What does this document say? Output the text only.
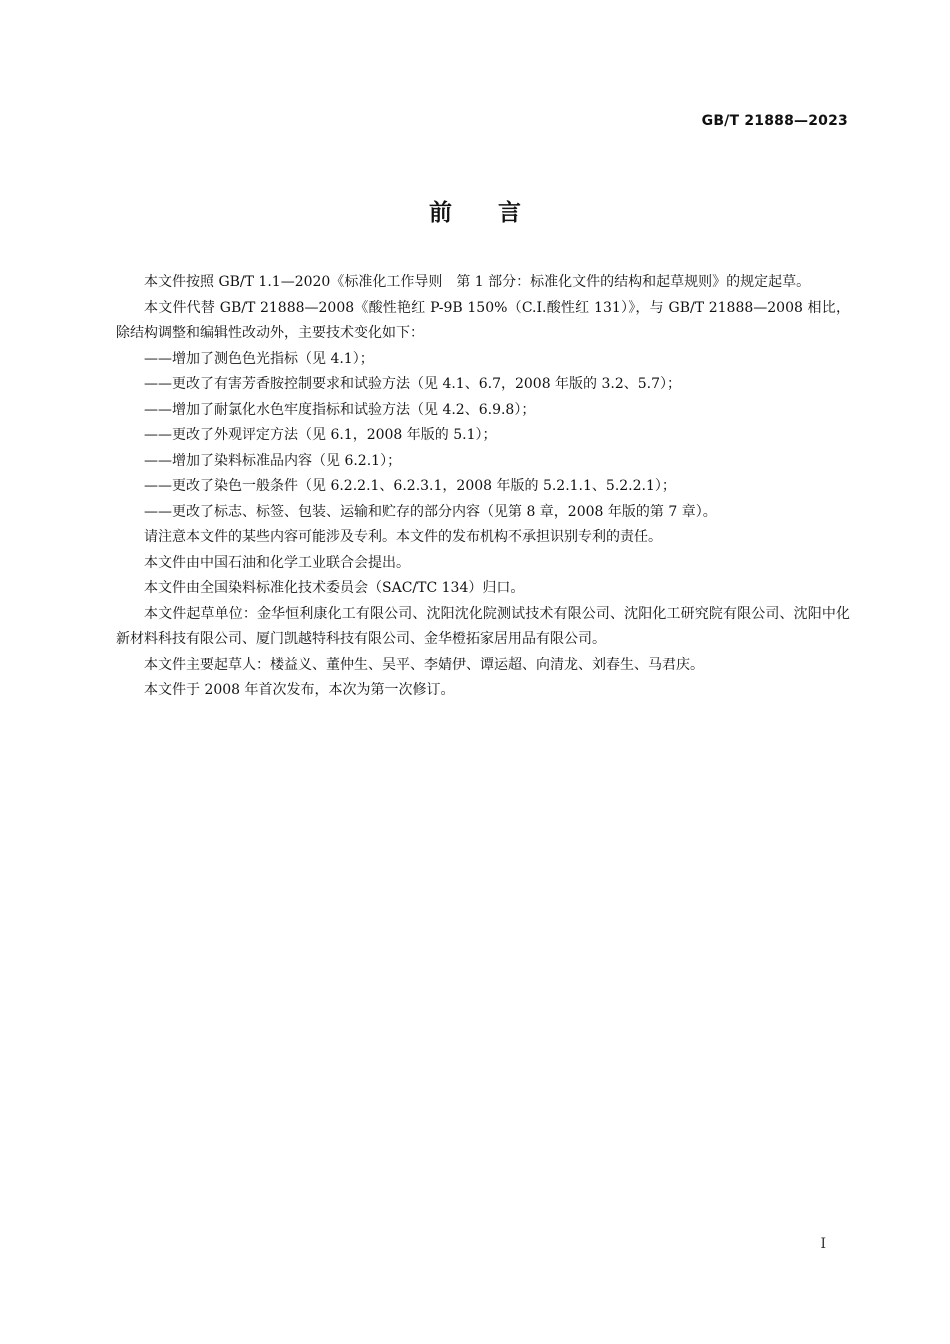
GB/T 21888—2023
前　　言

本文件按照 GB/T 1.1—2020《标准化工作导则　第 1 部分：标准化文件的结构和起草规则》的规定起草。

本文件代替 GB/T 21888—2008《酸性艳红 P-9B 150%（C.I.酸性红 131）》，与 GB/T 21888—2008 相比，除结构调整和编辑性改动外，主要技术变化如下：

——增加了测色色光指标（见 4.1）；

——更改了有害芳香胺控制要求和试验方法（见 4.1、6.7，2008 年版的 3.2、5.7）；

——增加了耐氯化水色牢度指标和试验方法（见 4.2、6.9.8）；

——更改了外观评定方法（见 6.1，2008 年版的 5.1）；

——增加了染料标准品内容（见 6.2.1）；

——更改了染色一般条件（见 6.2.2.1、6.2.3.1，2008 年版的 5.2.1.1、5.2.2.1）；

——更改了标志、标签、包装、运输和贮存的部分内容（见第 8 章，2008 年版的第 7 章）。

请注意本文件的某些内容可能涉及专利。本文件的发布机构不承担识别专利的责任。

本文件由中国石油和化学工业联合会提出。

本文件由全国染料标准化技术委员会（SAC/TC 134）归口。

本文件起草单位：金华恒利康化工有限公司、沈阳沈化院测试技术有限公司、沈阳化工研究院有限公司、沈阳中化新材料科技有限公司、厦门凯越特科技有限公司、金华橙拓家居用品有限公司。

本文件主要起草人：楼益义、董仲生、吴平、李婧伊、谭运超、向清龙、刘春生、马君庆。

本文件于 2008 年首次发布，本次为第一次修订。

I
